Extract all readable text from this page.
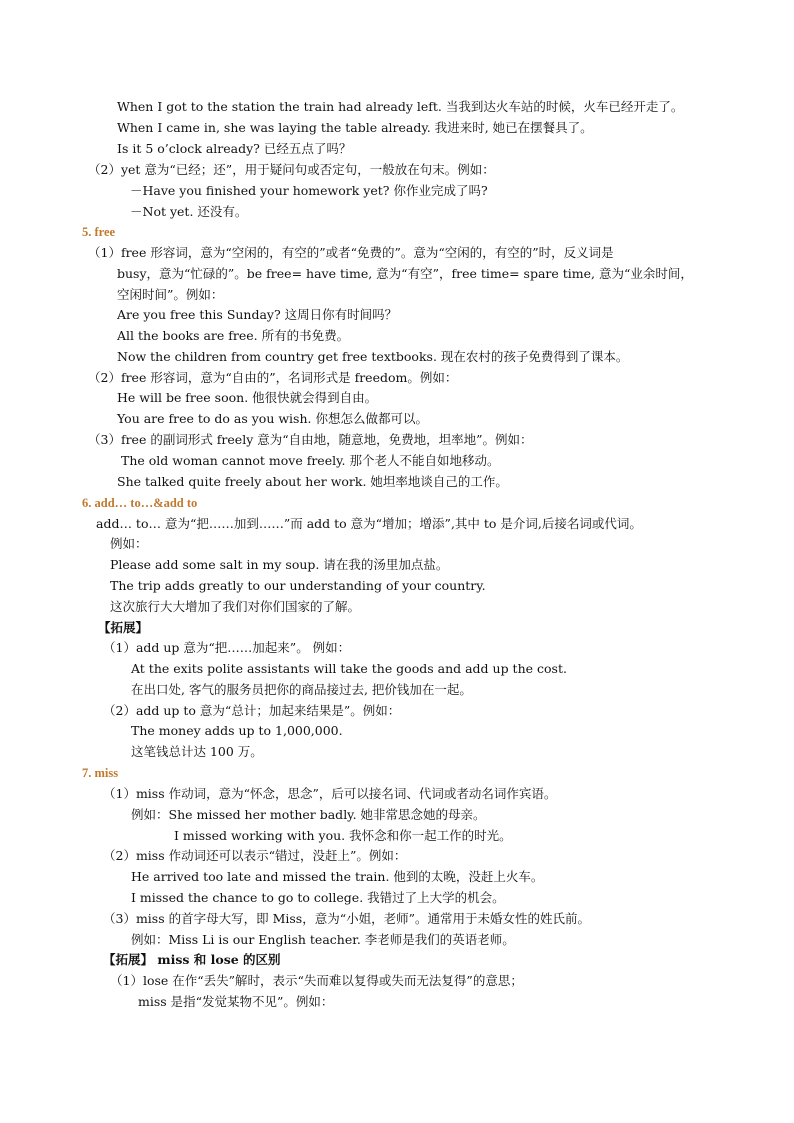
When I got to the station the train had already left. 当我到达火车站的时候，火车已经开走了。
When I came in, she was laying the table already. 我进来时, 她已在摆餐具了。
Is it 5 o’clock already? 已经五点了吗？
（2）yet 意为“已经；还”，用于疑问句或否定句，一般放在句末。例如：
－Have you finished your homework yet? 你作业完成了吗?
－Not yet. 还没有。
5. free
（1）free 形容词，意为“空闲的，有空的”或者“免费的”。意为“空闲的，有空的”时，反义词是
busy，意为“忙碌的”。be free= have time, 意为“有空”，free time= spare time, 意为“业余时间，
空闲时间”。例如：
Are you free this Sunday? 这周日你有时间吗？
All the books are free. 所有的书免费。
Now the children from country get free textbooks. 现在农村的孩子免费得到了课本。
（2）free 形容词，意为“自由的”，名词形式是 freedom。例如：
He will be free soon. 他很快就会得到自由。
You are free to do as you wish. 你想怎么做都可以。
（3）free 的副词形式 freely 意为“自由地，随意地，免费地，坦率地”。例如：
The old woman cannot move freely. 那个老人不能自如地移动。
She talked quite freely about her work. 她坦率地谈自己的工作。
6. add… to…&add to
add… to… 意为“把……加到……”而 add to 意为“增加；增添”,其中 to 是介词,后接名词或代词。
例如：
Please add some salt in my soup. 请在我的汤里加点盐。
The trip adds greatly to our understanding of your country.
这次旅行大大增加了我们对你们国家的了解。
【拓展】
（1）add up 意为“把……加起来”。 例如：
At the exits polite assistants will take the goods and add up the cost.
在出口处, 客气的服务员把你的商品接过去, 把价钱加在一起。
（2）add up to 意为“总计；加起来结果是”。例如：
The money adds up to 1,000,000.
这笔钱总计达 100 万。
7. miss
（1）miss 作动词，意为“怀念，思念”，后可以接名词、代词或者动名词作宾语。
例如：She missed her mother badly. 她非常思念她的母亲。
I missed working with you. 我怀念和你一起工作的时光。
（2）miss 作动词还可以表示“错过，没赶上”。例如：
He arrived too late and missed the train. 他到的太晚，没赶上火车。
I missed the chance to go to college. 我错过了上大学的机会。
（3）miss 的首字母大写，即 Miss，意为“小姐，老师”。通常用于未婚女性的姓氏前。
例如：Miss Li is our English teacher. 李老师是我们的英语老师。
【拓展】 miss 和 lose 的区别
（1）lose 在作“丢失”解时，表示“失而难以复得或失而无法复得”的意思；
miss 是指“发觉某物不见”。例如：
